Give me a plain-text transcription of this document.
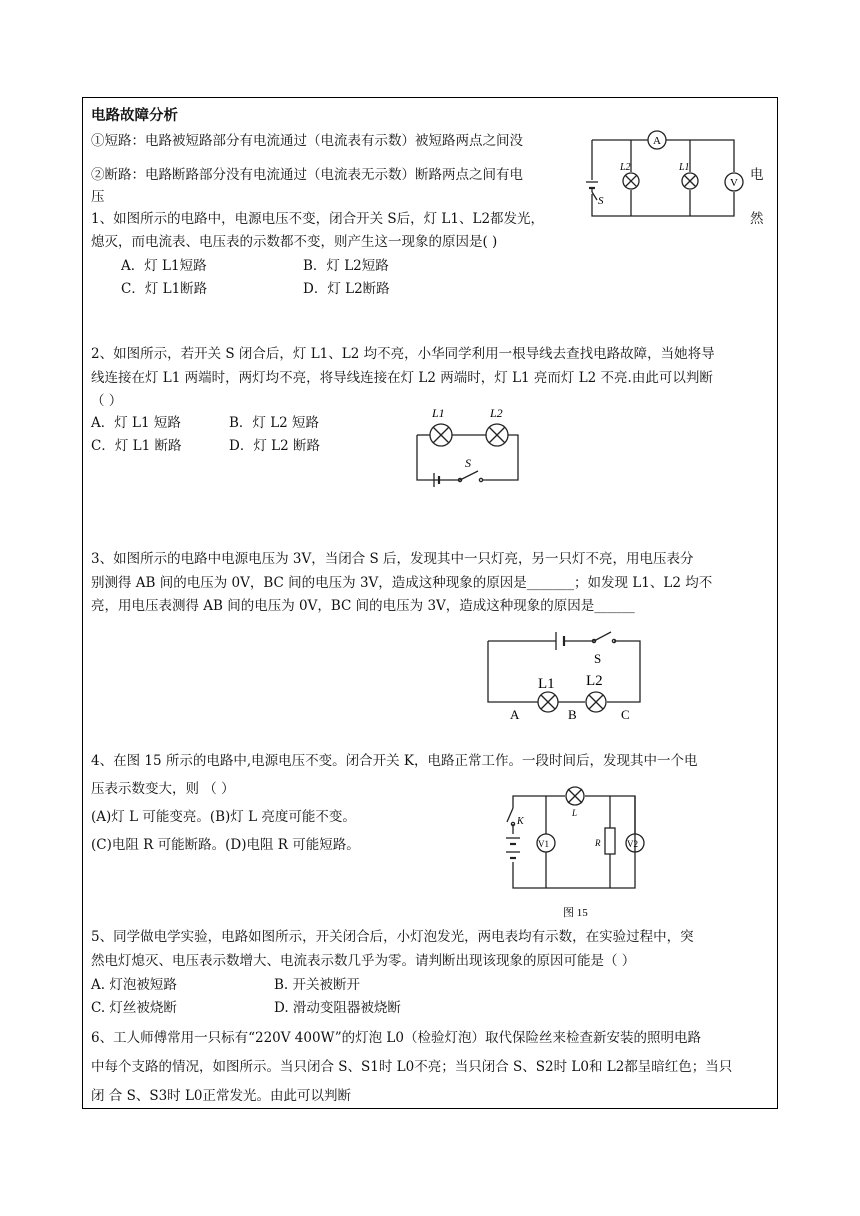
电路故障分析
①短路：电路被短路部分有电流通过（电流表有示数）被短路两点之间没
②断路：电路断路部分没有电流通过（电流表无示数）断路两点之间有电
压
1、如图所示的电路中，电源电压不变，闭合开关 S后，灯 L1、L2都发光，
熄灭，而电流表、电压表的示数都不变，则产生这一现象的原因是( )
A．灯 L1短路	B．灯 L2短路
C．灯 L1断路	D．灯 L2断路
电
然
A
V
L2	L1
S
2、如图所示，若开关 S 闭合后，灯 L1、L2 均不亮，小华同学利用一根导线去查找电路故障，当她将导
线连接在灯 L1 两端时，两灯均不亮，将导线连接在灯 L2 两端时，灯 L1 亮而灯 L2 不亮.由此可以判断
（ ）
A．灯 L1 短路	B．灯 L2 短路
C．灯 L1 断路	D．灯 L2 断路
L1	L2
S
3、如图所示的电路中电源电压为 3V，当闭合 S 后，发现其中一只灯亮，另一只灯不亮，用电压表分
别测得 AB 间的电压为 0V，BC 间的电压为 3V，造成这种现象的原因是_______；如发现 L1、L2 均不
亮，用电压表测得 AB 间的电压为 0V，BC 间的电压为 3V，造成这种现象的原因是______
S
L1 L2
A	B	C
4、在图 15 所示的电路中,电源电压不变。闭合开关 K，电路正常工作。一段时间后，发现其中一个电
压表示数变大，则 （ ）
(A)灯 L 可能变亮。(B)灯 L 亮度可能不变。
(C)电阻 R 可能断路。(D)电阻 R 可能短路。
K
L
R
V1	V2
图 15
5、同学做电学实验，电路如图所示，开关闭合后，小灯泡发光，两电表均有示数，在实验过程中，突
然电灯熄灭、电压表示数增大、电流表示数几乎为零。请判断出现该现象的原因可能是（ ）
A. 灯泡被短路	B. 开关被断开
C. 灯丝被烧断	D. 滑动变阻器被烧断
6、工人师傅常用一只标有“220V 400W”的灯泡 L0（检验灯泡）取代保险丝来检查新安装的照明电路
中每个支路的情况，如图所示。当只闭合 S、S1时 L0不亮；当只闭合 S、S2时 L0和 L2都呈暗红色；当只
闭 合 S、S3时 L0正常发光。由此可以判断
